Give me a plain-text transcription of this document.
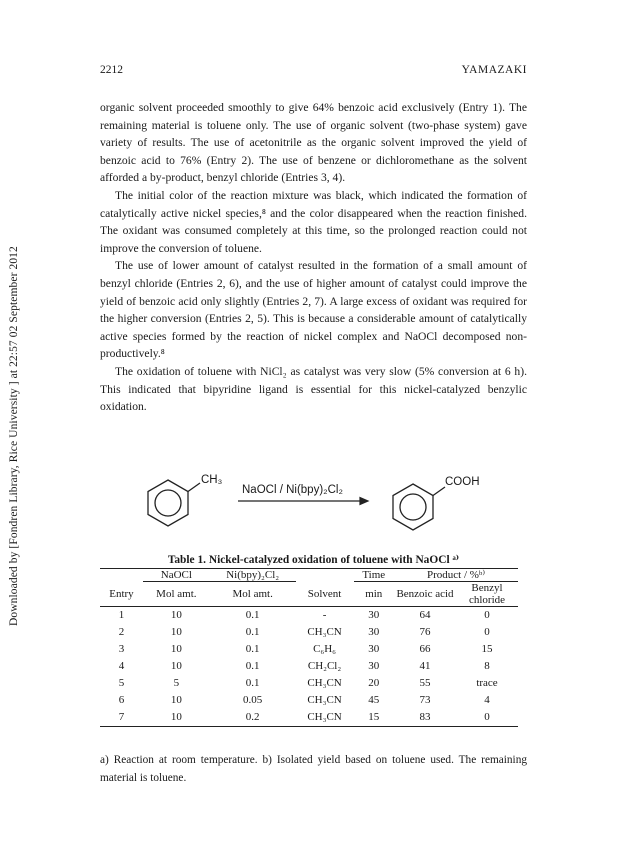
Downloaded by [Fondren Library, Rice University ] at 22:57 02 September 2012
2212	YAMAZAKI

organic solvent proceeded smoothly to give 64% benzoic acid exclusively (Entry 1). The remaining material is toluene only. The use of organic solvent (two-phase system) gave variety of results. The use of acetonitrile as the organic solvent improved the yield of benzoic acid to 76% (Entry 2). The use of benzene or dichloromethane as the solvent afforded a by-product, benzyl chloride (Entries 3, 4).

The initial color of the reaction mixture was black, which indicated the formation of catalytically active nickel species,⁸ and the color disappeared when the reaction finished. The oxidant was consumed completely at this time, so the prolonged reaction could not improve the conversion of toluene.

The use of lower amount of catalyst resulted in the formation of a small amount of benzyl chloride (Entries 2, 6), and the use of higher amount of catalyst could improve the yield of benzoic acid only slightly (Entries 2, 7). A large excess of oxidant was required for the higher conversion (Entries 2, 5). This is because a considerable amount of catalytically active species formed by the reaction of nickel complex and NaOCl decomposed non-productively.⁸

The oxidation of toluene with NiCl₂ as catalyst was very slow (5% conversion at 6 h). This indicated that bipyridine ligand is essential for this nickel-catalyzed benzylic oxidation.

CH₃
NaOCl / Ni(bpy)₂Cl₂
COOH
Table 1. Nickel-catalyzed oxidation of toluene with NaOCl ᵃ⁾
	NaOCl	Ni(bpy)₂Cl₂		Time	Product / %ᵇ⁾	
Entry	Mol amt.	Mol amt.	Solvent	min	Benzoic acid	Benzyl chloride
1	10	0.1	-	30	64	0
2	10	0.1	CH₃CN	30	76	0
3	10	0.1	C₆H₆	30	66	15
4	10	0.1	CH₂Cl₂	30	41	8
5	5	0.1	CH₃CN	20	55	trace
6	10	0.05	CH₃CN	45	73	4
7	10	0.2	CH₃CN	15	83	0
a) Reaction at room temperature. b) Isolated yield based on toluene used. The remaining material is toluene.
